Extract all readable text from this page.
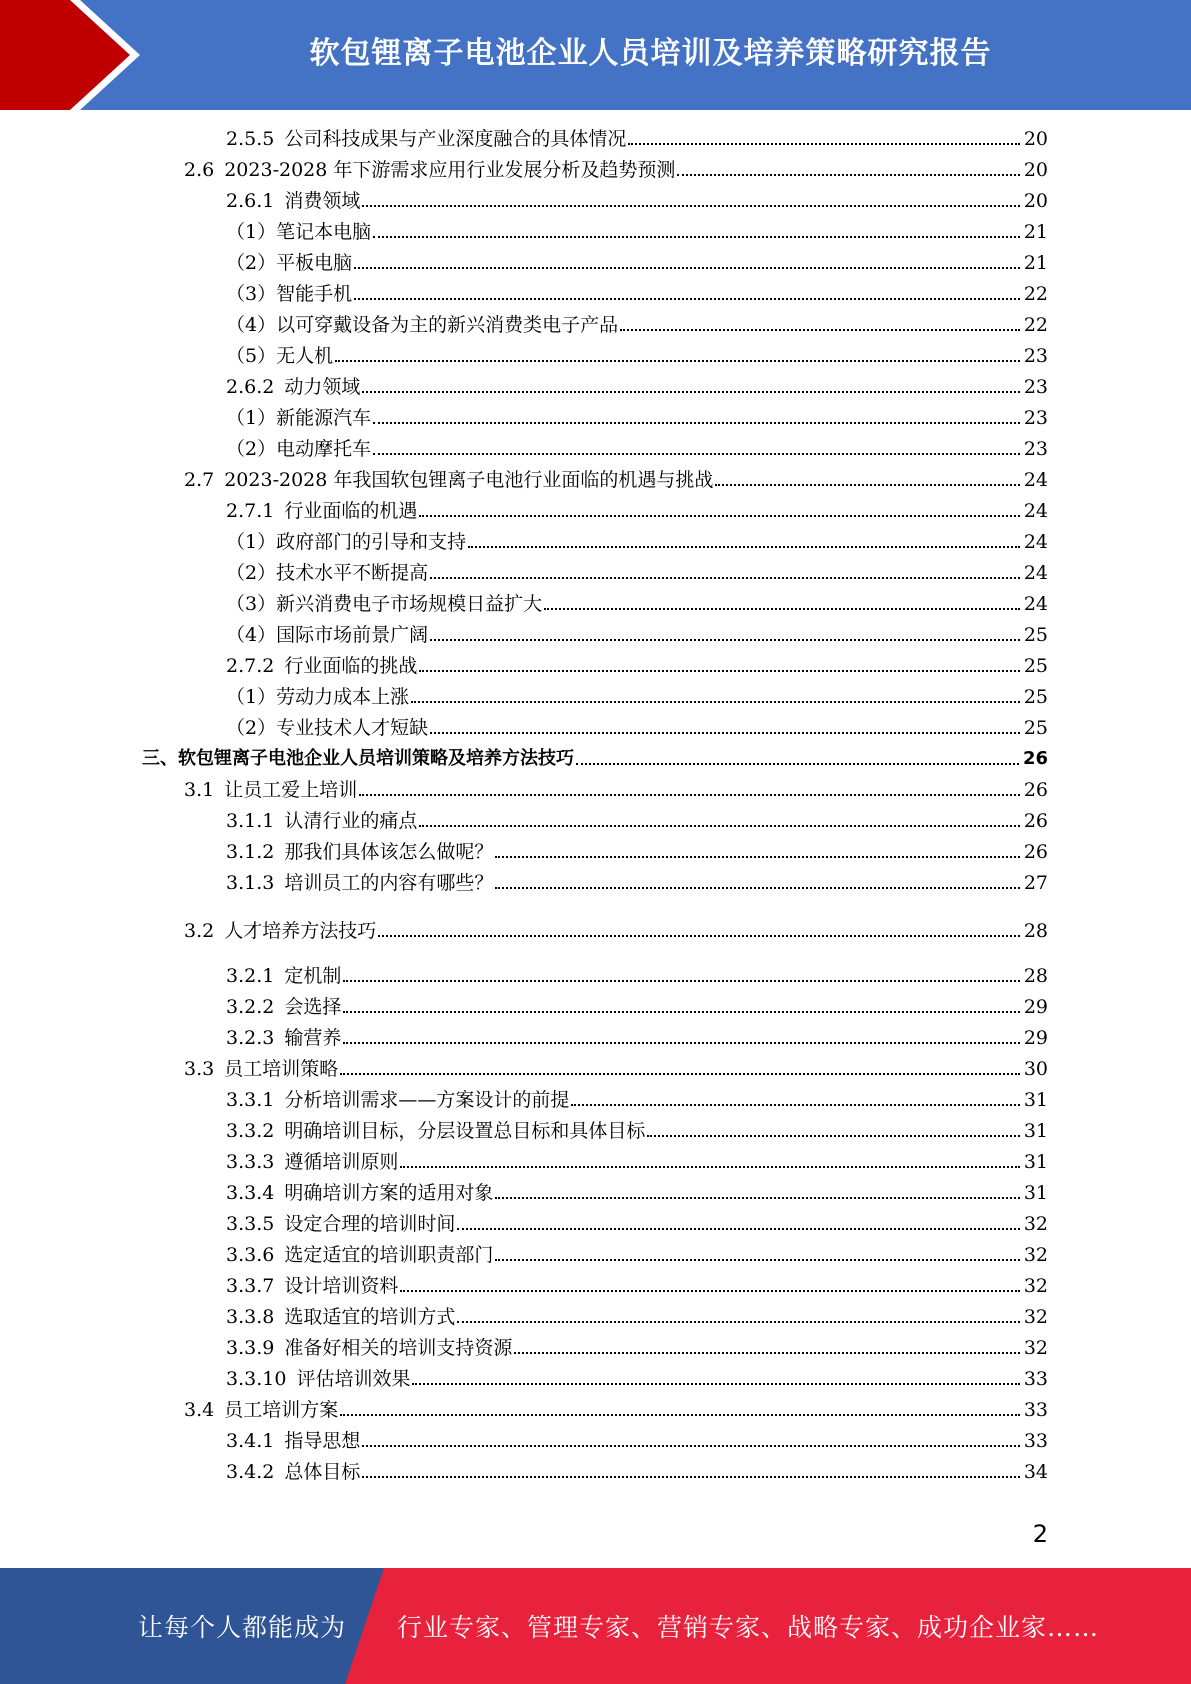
软包锂离子电池企业人员培训及培养策略研究报告
2.5.5 公司科技成果与产业深度融合的具体情况	20
2.6 2023-2028 年下游需求应用行业发展分析及趋势预测	20
2.6.1 消费领域	20
（1） 笔记本电脑	21
（2） 平板电脑	21
（3） 智能手机	22
（4） 以可穿戴设备为主的新兴消费类电子产品	22
（5） 无人机	23
2.6.2 动力领域	23
（1） 新能源汽车	23
（2） 电动摩托车	23
2.7 2023-2028 年我国软包锂离子电池行业面临的机遇与挑战	24
2.7.1 行业面临的机遇	24
（1） 政府部门的引导和支持	24
（2） 技术水平不断提高	24
（3） 新兴消费电子市场规模日益扩大	24
（4） 国际市场前景广阔	25
2.7.2 行业面临的挑战	25
（1） 劳动力成本上涨	25
（2） 专业技术人才短缺	25
三、 软包锂离子电池企业人员培训策略及培养方法技巧	26
3.1 让员工爱上培训	26
3.1.1 认清行业的痛点	26
3.1.2 那我们具体该怎么做呢？	26
3.1.3 培训员工的内容有哪些？	27
3.2 人才培养方法技巧	28
3.2.1 定机制	28
3.2.2 会选择	29
3.2.3 输营养	29
3.3 员工培训策略	30
3.3.1 分析培训需求——方案设计的前提	31
3.3.2 明确培训目标，分层设置总目标和具体目标	31
3.3.3 遵循培训原则	31
3.3.4 明确培训方案的适用对象	31
3.3.5 设定合理的培训时间	32
3.3.6 选定适宜的培训职责部门	32
3.3.7 设计培训资料	32
3.3.8 选取适宜的培训方式	32
3.3.9 准备好相关的培训支持资源	32
3.3.10 评估培训效果	33
3.4 员工培训方案	33
3.4.1 指导思想	33
3.4.2 总体目标	34
2
让每个人都能成为 行业专家、管理专家、营销专家、战略专家、成功企业家……
